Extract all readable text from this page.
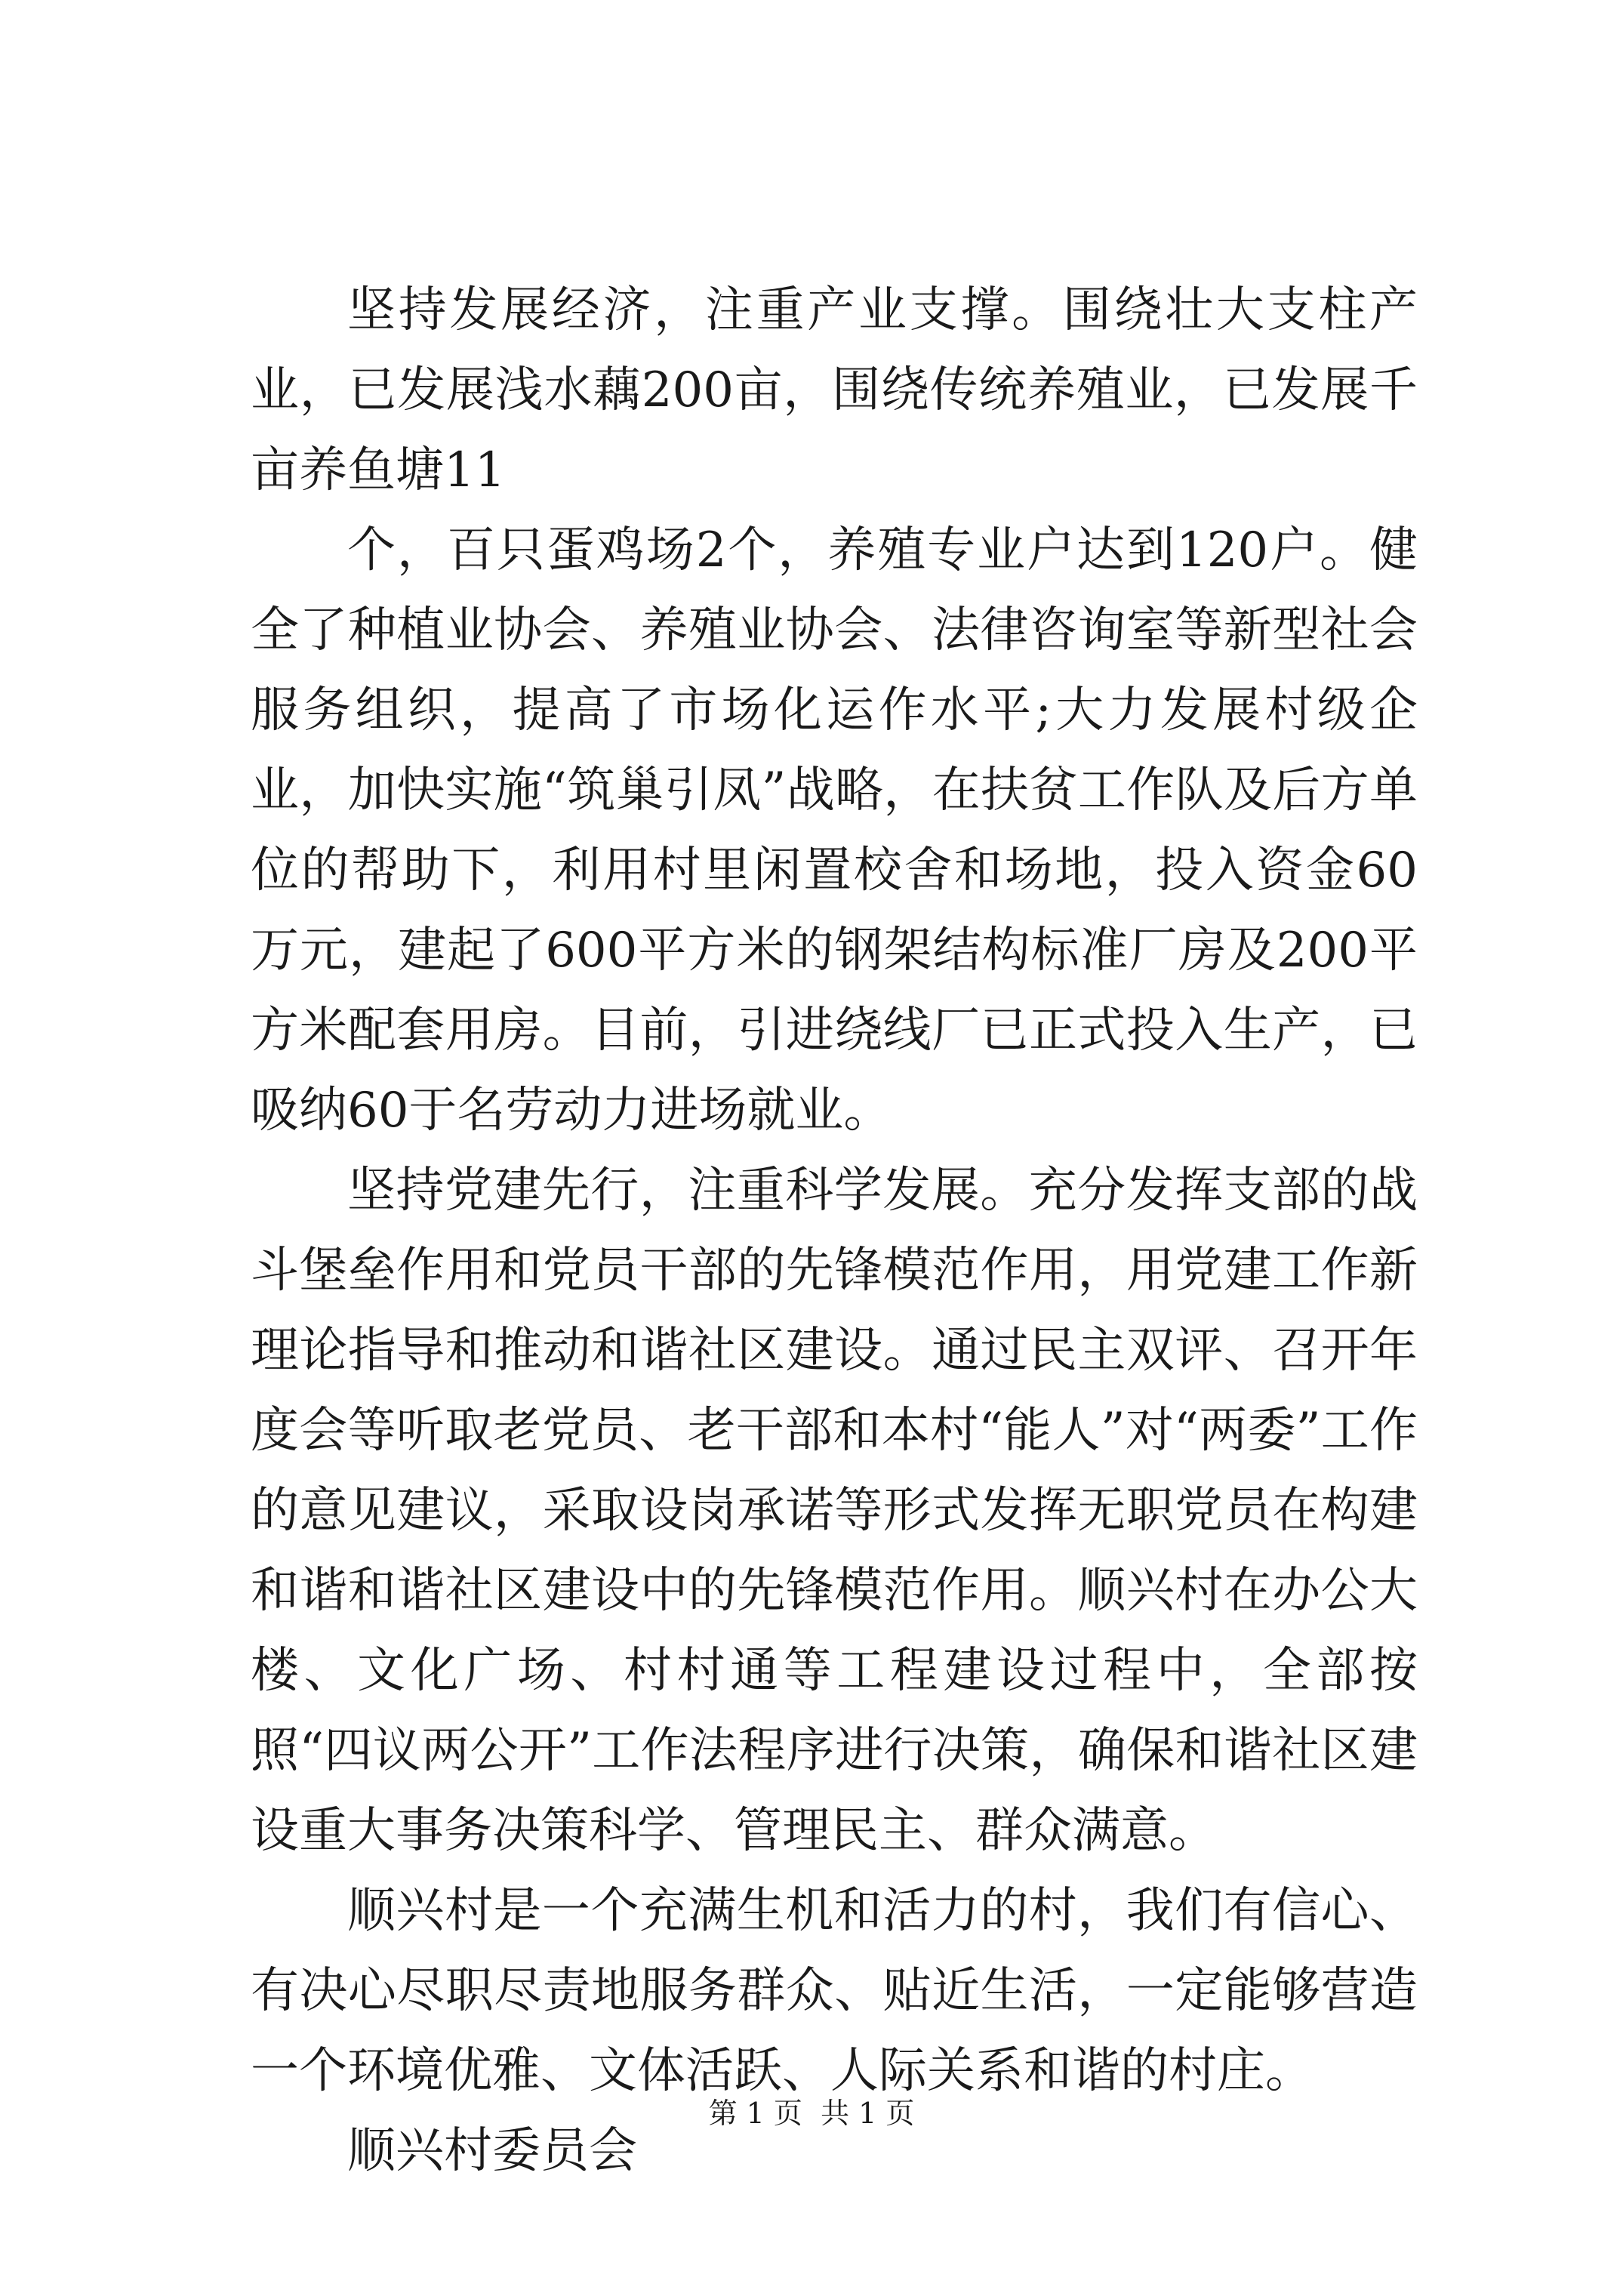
坚持发展经济，注重产业支撑。围绕壮大支柱产业，已发展浅水藕200亩，围绕传统养殖业，已发展千亩养鱼塘11

个，百只蛋鸡场2个，养殖专业户达到120户。健全了种植业协会、养殖业协会、法律咨询室等新型社会服务组织，提高了市场化运作水平;大力发展村级企业，加快实施“筑巢引凤”战略，在扶贫工作队及后方单位的帮助下，利用村里闲置校舍和场地，投入资金60万元，建起了600平方米的钢架结构标准厂房及200平方米配套用房。目前，引进绕线厂已正式投入生产，已吸纳60于名劳动力进场就业。

坚持党建先行，注重科学发展。充分发挥支部的战斗堡垒作用和党员干部的先锋模范作用，用党建工作新理论指导和推动和谐社区建设。通过民主双评、召开年度会等听取老党员、老干部和本村“能人”对“两委”工作的意见建议，采取设岗承诺等形式发挥无职党员在构建和谐和谐社区建设中的先锋模范作用。顺兴村在办公大楼、文化广场、村村通等工程建设过程中，全部按照“四议两公开”工作法程序进行决策，确保和谐社区建设重大事务决策科学、管理民主、群众满意。

顺兴村是一个充满生机和活力的村，我们有信心、有决心尽职尽责地服务群众、贴近生活，一定能够营造一个环境优雅、文体活跃、人际关系和谐的村庄。

顺兴村委员会

第 1 页  共 1 页
